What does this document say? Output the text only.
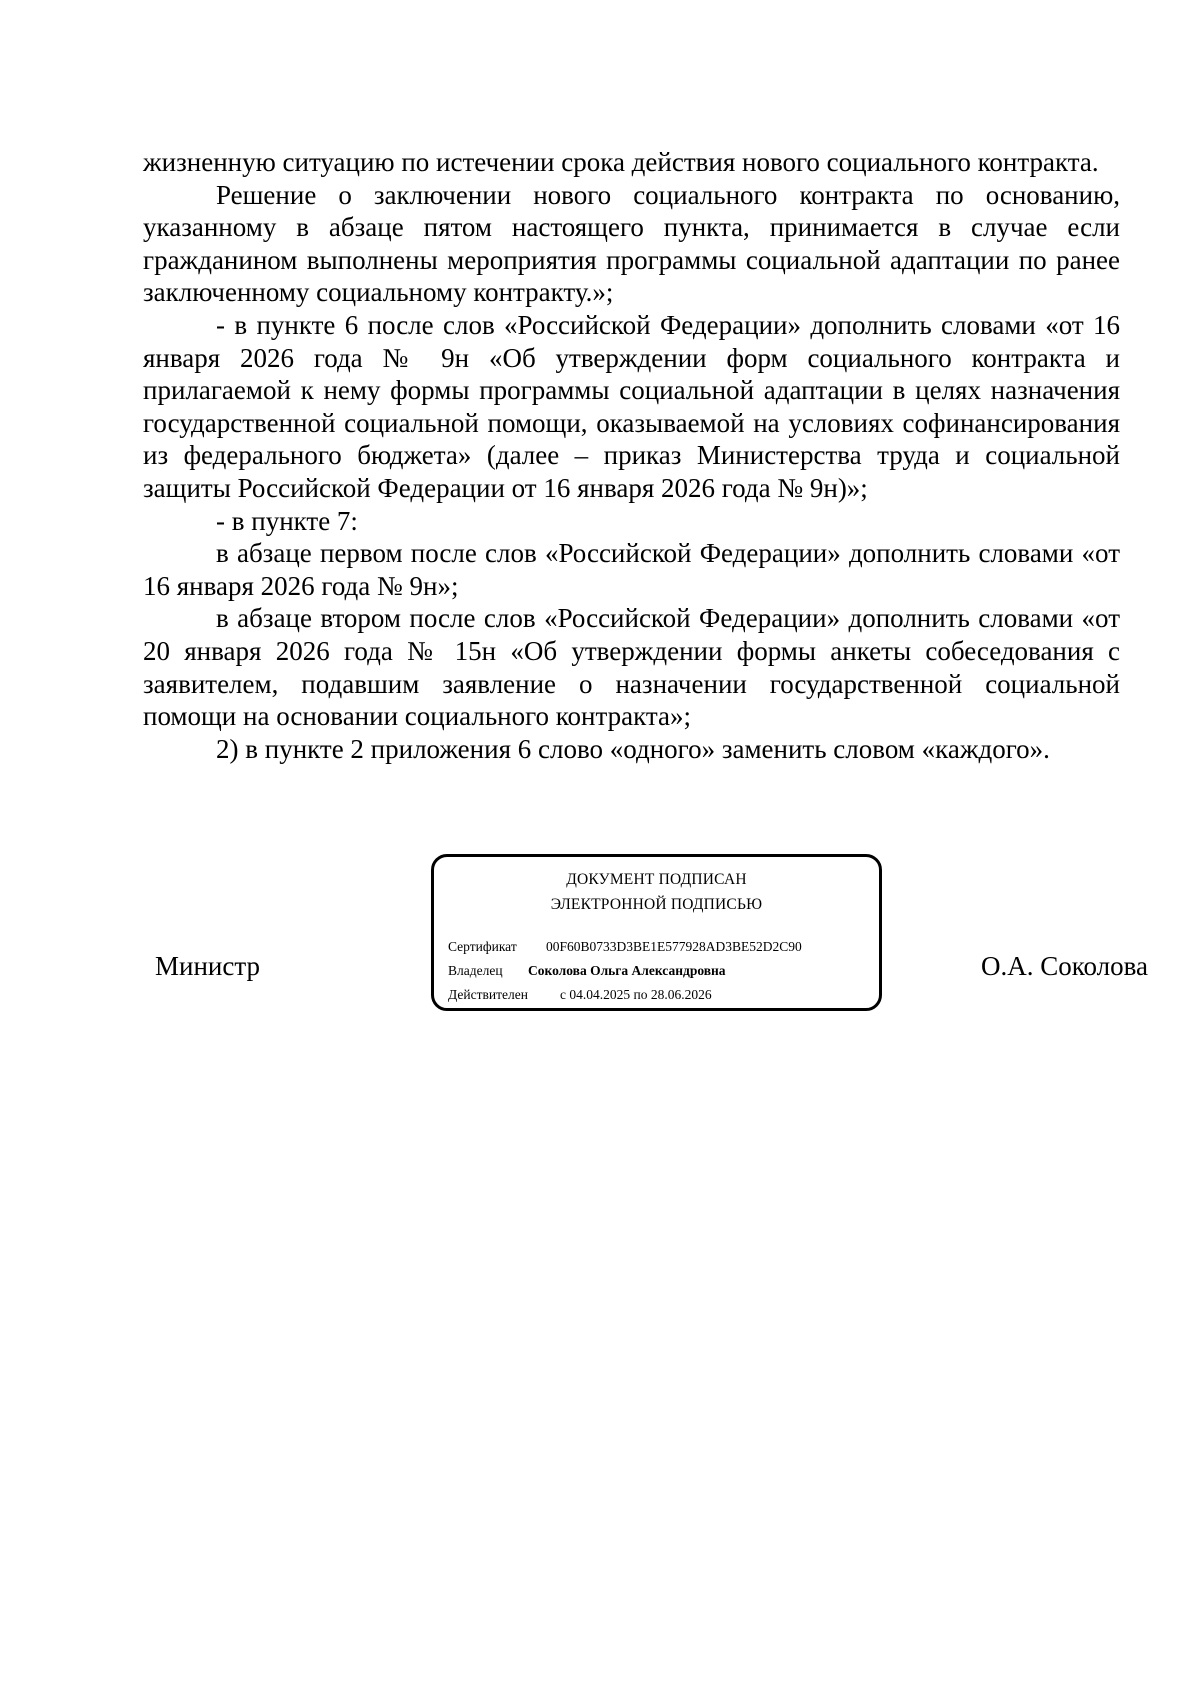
жизненную ситуацию по истечении срока действия нового социального контракта.

Решение о заключении нового социального контракта по основанию, указанному в абзаце пятом настоящего пункта, принимается в случае если гражданином выполнены мероприятия программы социальной адаптации по ранее заключенному социальному контракту.»;

- в пункте 6 после слов «Российской Федерации» дополнить словами «от 16 января 2026 года № 9н «Об утверждении форм социального контракта и прилагаемой к нему формы программы социальной адаптации в целях назначения государственной социальной помощи, оказываемой на условиях софинансирования из федерального бюджета» (далее – приказ Министерства труда и социальной защиты Российской Федерации от 16 января 2026 года № 9н)»;

- в пункте 7:

в абзаце первом после слов «Российской Федерации» дополнить словами «от 16 января 2026 года № 9н»;

в абзаце втором после слов «Российской Федерации» дополнить словами «от 20 января 2026 года № 15н «Об утверждении формы анкеты собеседования с заявителем, подавшим заявление о назначении государственной социальной помощи на основании социального контракта»;

2) в пункте 2 приложения 6 слово «одного» заменить словом «каждого».

Министр
ДОКУМЕНТ ПОДПИСАН
ЭЛЕКТРОННОЙ ПОДПИСЬЮ
Сертификат 00F60B0733D3BE1E577928AD3BE52D2C90
Владелец Соколова Ольга Александровна
Действителен с 04.04.2025 по 28.06.2026
О.А. Соколова
